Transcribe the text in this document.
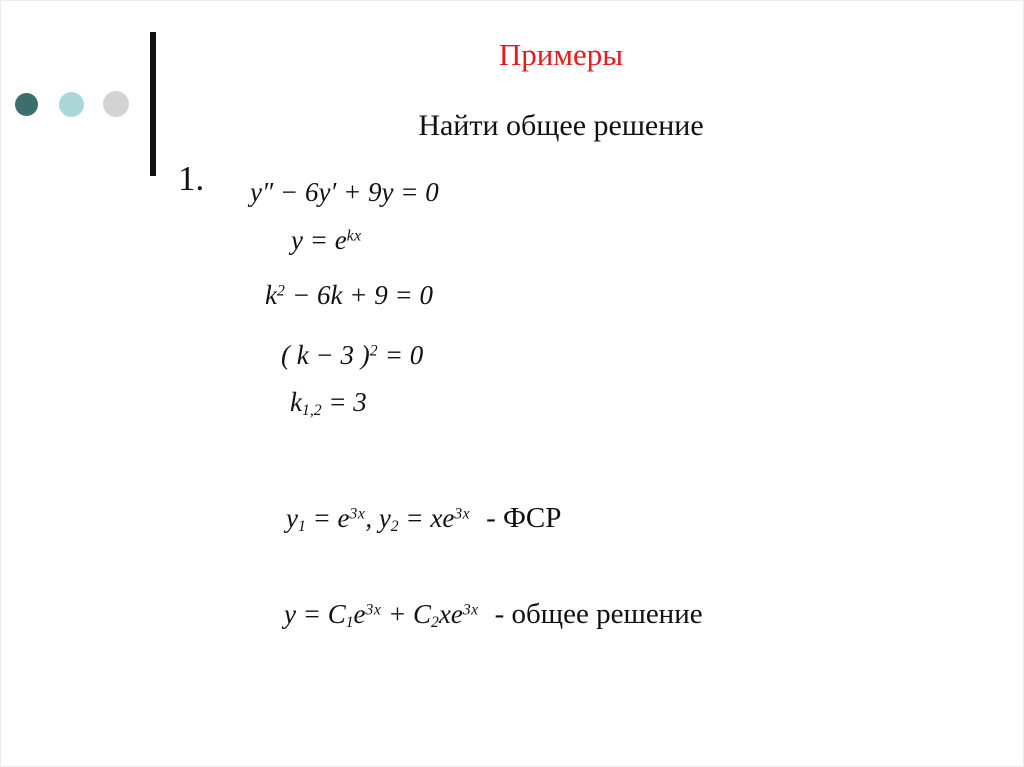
Примеры
Найти общее решение
1. y″ − 6y′ + 9y = 0
$y = e^{kx}$
$k^2 - 6k + 9 = 0$
( k − 3 )$^2$ = 0
$k_{1,2} = 3$
$y_1 = e^{3x}$, $y_2 = xe^{3x}$ - ФСР
$y = C_1e^{3x} + C_2xe^{3x}$ - общее решение
